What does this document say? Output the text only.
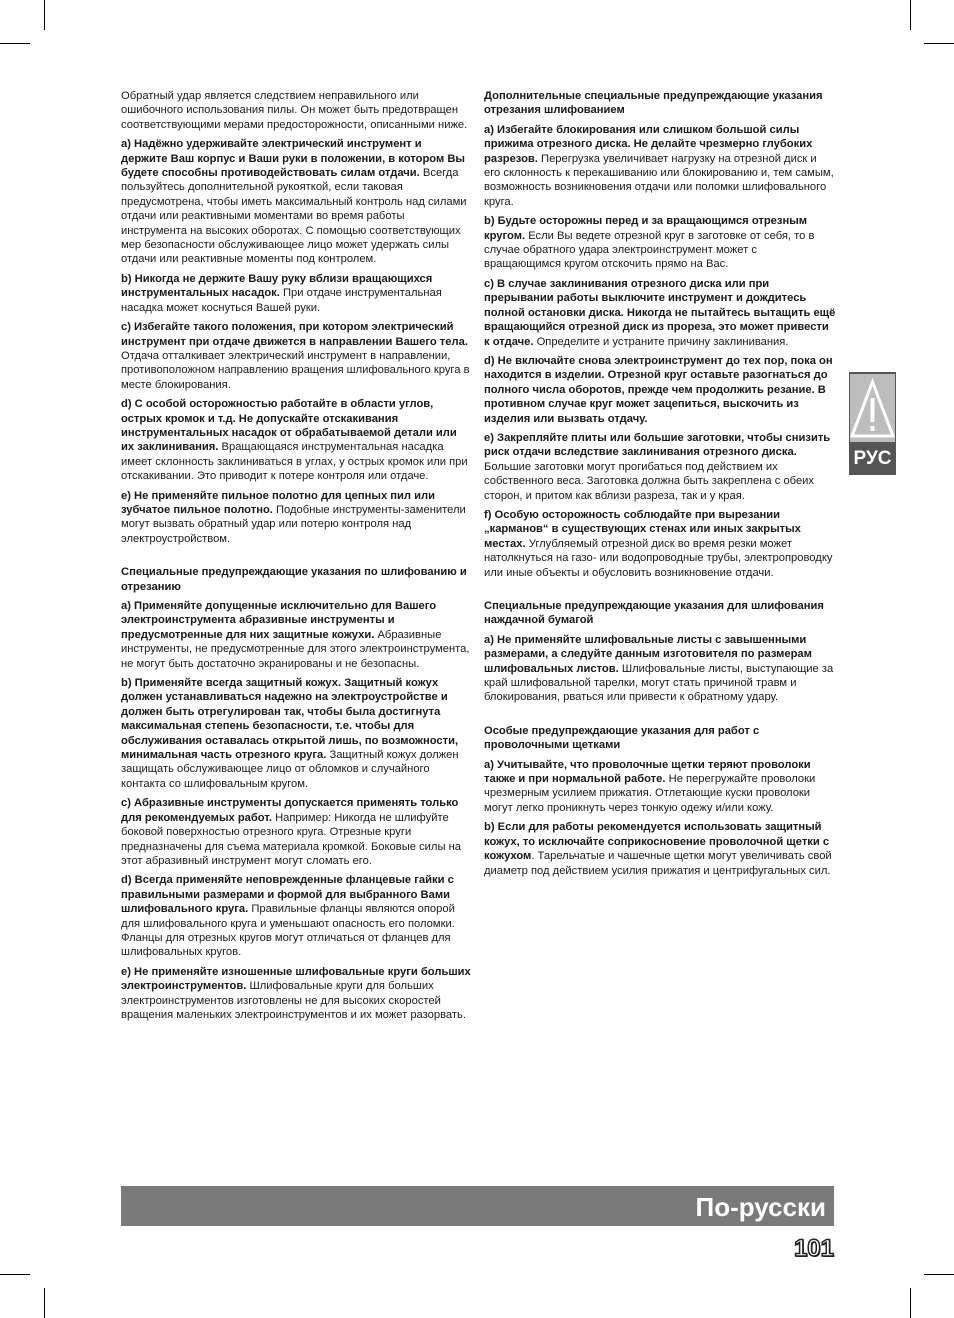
Обратный удар является следствием неправильного или ошибочного использования пилы. Он может быть предотвращен соответствующими мерами предосторожности, описанными ниже.

a) Надёжно удерживайте электрический инструмент и держите Ваш корпус и Ваши руки в положении, в котором Вы будете способны противодействовать силам отдачи. Всегда пользуйтесь дополнительной рукояткой, если таковая предусмотрена, чтобы иметь максимальный контроль над силами отдачи или реактивными моментами во время работы инструмента на высоких оборотах. С помощью соответствующих мер безопасности обслуживающее лицо может удержать силы отдачи или реактивные моменты под контролем.

b) Никогда не держите Вашу руку вблизи вращающихся инструментальных насадок. При отдаче инструментальная насадка может коснуться Вашей руки.

c) Избегайте такого положения, при котором электрический инструмент при отдаче движется в направлении Вашего тела. Отдача отталкивает электрический инструмент в направлении, противоположном направлению вращения шлифовального круга в месте блокирования.

d) С особой осторожностью работайте в области углов, острых кромок и т.д. Не допускайте отскакивания инструментальных насадок от обрабатываемой детали или их заклинивания. Вращающаяся инструментальная насадка имеет склонность заклиниваться в углах, у острых кромок или при отскакивании. Это приводит к потере контроля или отдаче.

e) Не применяйте пильное полотно для цепных пил или зубчатое пильное полотно. Подобные инструменты-заменители могут вызвать обратный удар или потерю контроля над электроустройством.

Специальные предупреждающие указания по шлифованию и отрезанию

a) Применяйте допущенные исключительно для Вашего электроинструмента абразивные инструменты и предусмотренные для них защитные кожухи. Абразивные инструменты, не предусмотренные для этого электроинструмента, не могут быть достаточно экранированы и не безопасны.

b) Применяйте всегда защитный кожух. Защитный кожух должен устанавливаться надежно на электроустройстве и должен быть отрегулирован так, чтобы была достигнута максимальная степень безопасности, т.е. чтобы для обслуживания оставалась открытой лишь, по возможности, минимальная часть отрезного круга. Защитный кожух должен защищать обслуживающее лицо от обломков и случайного контакта со шлифовальным кругом.

c) Абразивные инструменты допускается применять только для рекомендуемых работ. Например: Никогда не шлифуйте боковой поверхностью отрезного круга. Отрезные круги предназначены для съема материала кромкой. Боковые силы на этот абразивный инструмент могут сломать его.

d) Всегда применяйте неповрежденные фланцевые гайки с правильными размерами и формой для выбранного Вами шлифовального круга. Правильные фланцы являются опорой для шлифовального круга и уменьшают опасность его поломки. Фланцы для отрезных кругов могут отличаться от фланцев для шлифовальных кругов.

e) Не применяйте изношенные шлифовальные круги больших электроинструментов. Шлифовальные круги для больших электроинструментов изготовлены не для высоких скоростей вращения маленьких электроинструментов и их может разорвать.

Дополнительные специальные предупреждающие указания отрезания шлифованием

a) Избегайте блокирования или слишком большой силы прижима отрезного диска. Не делайте чрезмерно глубоких разрезов. Перегрузка увеличивает нагрузку на отрезной диск и его склонность к перекашиванию или блокированию и, тем самым, возможность возникновения отдачи или поломки шлифовального круга.

b) Будьте осторожны перед и за вращающимся отрезным кругом. Если Вы ведете отрезной круг в заготовке от себя, то в случае обратного удара электроинструмент может с вращающимся кругом отскочить прямо на Вас.

c) В случае заклинивания отрезного диска или при прерывании работы выключите инструмент и дождитесь полной остановки диска. Никогда не пытайтесь вытащить ещё вращающийся отрезной диск из прореза, это может привести к отдаче. Определите и устраните причину заклинивания.

d) Не включайте снова электроинструмент до тех пор, пока он находится в изделии. Отрезной круг оставьте разогнаться до полного числа оборотов, прежде чем продолжить резание. В противном случае круг может зацепиться, выскочить из изделия или вызвать отдачу.

e) Закрепляйте плиты или большие заготовки, чтобы снизить риск отдачи вследствие заклинивания отрезного диска. Большие заготовки могут прогибаться под действием их собственного веса. Заготовка должна быть закреплена с обеих сторон, и притом как вблизи разреза, так и у края.

f) Особую осторожность соблюдайте при вырезании „карманов“ в существующих стенах или иных закрытых местах. Углубляемый отрезной диск во время резки может натолкнуться на газо- или водопроводные трубы, электропроводку или иные объекты и обусловить возникновение отдачи.

Специальные предупреждающие указания для шлифования наждачной бумагой

a) Не применяйте шлифовальные листы с завышенными размерами, а следуйте данным изготовителя по размерам шлифовальных листов. Шлифовальные листы, выступающие за край шлифовальной тарелки, могут стать причиной травм и блокирования, рваться или привести к обратному удару.

Особые предупреждающие указания для работ с проволочными щетками

a) Учитывайте, что проволочные щетки теряют проволоки также и при нормальной работе. Не перегружайте проволоки чрезмерным усилием прижатия. Отлетающие куски проволоки могут легко проникнуть через тонкую одежу и/или кожу.

b) Если для работы рекомендуется использовать защитный кожух, то исключайте соприкосновение проволочной щетки с кожухом. Тарельчатые и чашечные щетки могут увеличивать свой диаметр под действием усилия прижатия и центрифугальных сил.

РУС
По-русски
101
